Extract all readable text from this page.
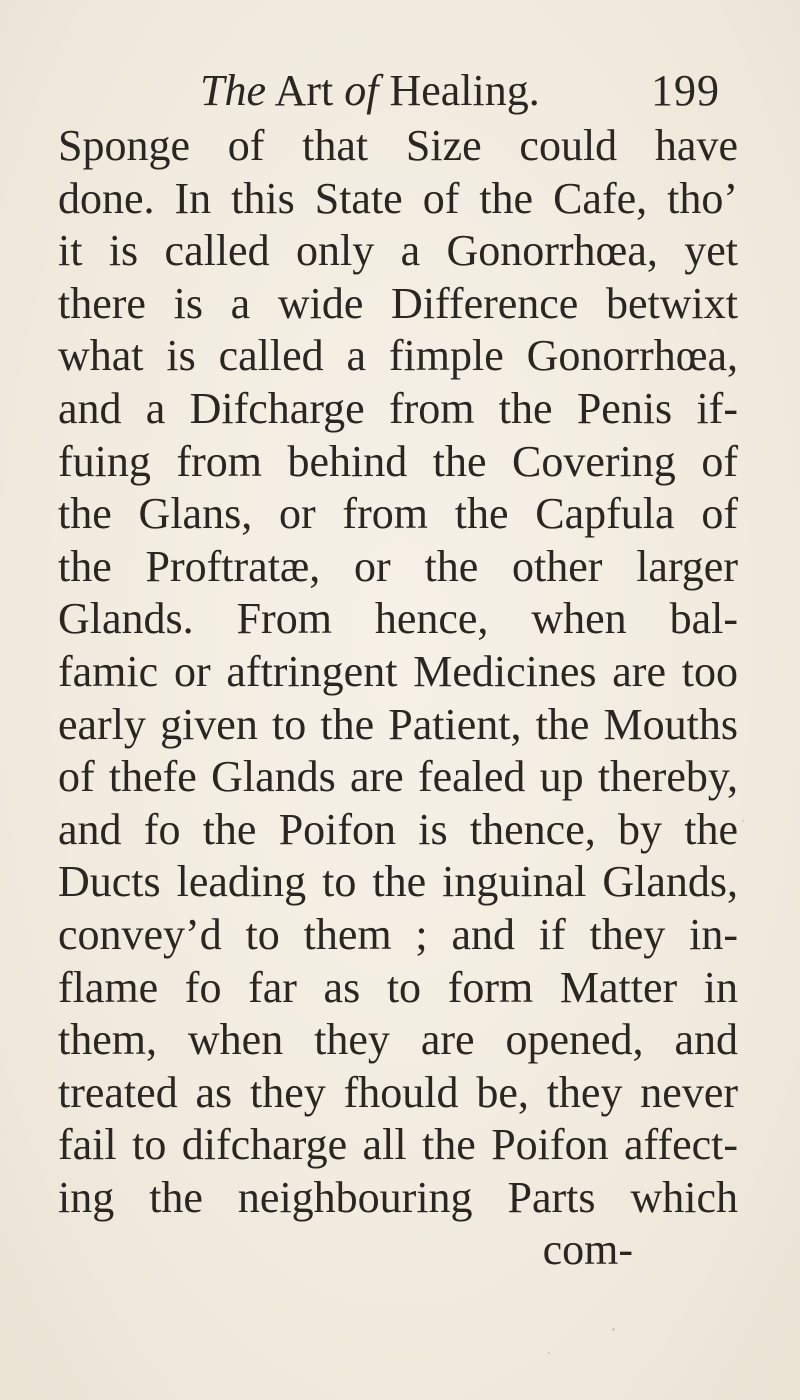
The Art of Healing.	199
Sponge of that Size could have
done. In this State of the Cafe, tho’
it is called only a Gonorrhœa, yet
there is a wide Difference betwixt
what is called a fimple Gonorrhœa,
and a Difcharge from the Penis if-
fuing from behind the Covering of
the Glans, or from the Capfula of
the Proftratæ, or the other larger
Glands. From hence, when bal-
famic or aftringent Medicines are too
early given to the Patient, the Mouths
of thefe Glands are fealed up thereby,
and fo the Poifon is thence, by the
Ducts leading to the inguinal Glands,
convey’d to them ; and if they in-
flame fo far as to form Matter in
them, when they are opened, and
treated as they fhould be, they never
fail to difcharge all the Poifon affect-
ing the neighbouring Parts which
com-
